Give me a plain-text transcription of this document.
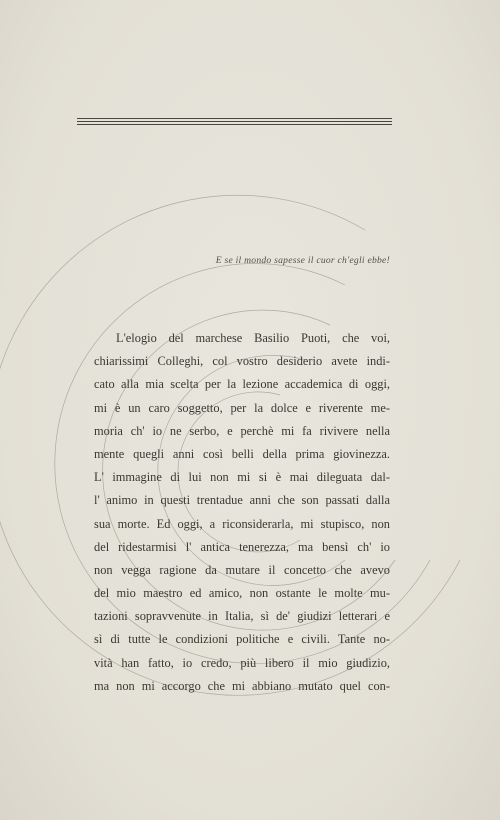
E se il mondo sapesse il cuor ch'egli ebbe!
L'elogio del marchese Basilio Puoti, che voi,
chiarissimi Colleghi, col vostro desiderio avete indi-
cato alla mia scelta per la lezione accademica di oggi,
mi è un caro soggetto, per la dolce e riverente me-
moria ch' io ne serbo, e perchè mi fa rivivere nella
mente quegli anni così belli della prima giovinezza.
L' immagine di lui non mi si è mai dileguata dal-
l' animo in questi trentadue anni che son passati dalla
sua morte. Ed oggi, a riconsiderarla, mi stupisco, non
del ridestarmisi l' antica tenerezza, ma bensì ch' io
non vegga ragione da mutare il concetto che avevo
del mio maestro ed amico, non ostante le molte mu-
tazioni sopravvenute in Italia, sì de' giudizi letterari e
sì di tutte le condizioni politiche e civili. Tante no-
vità han fatto, io credo, più libero il mio giudizio,
ma non mi accorgo che mi abbiano mutato quel con-
